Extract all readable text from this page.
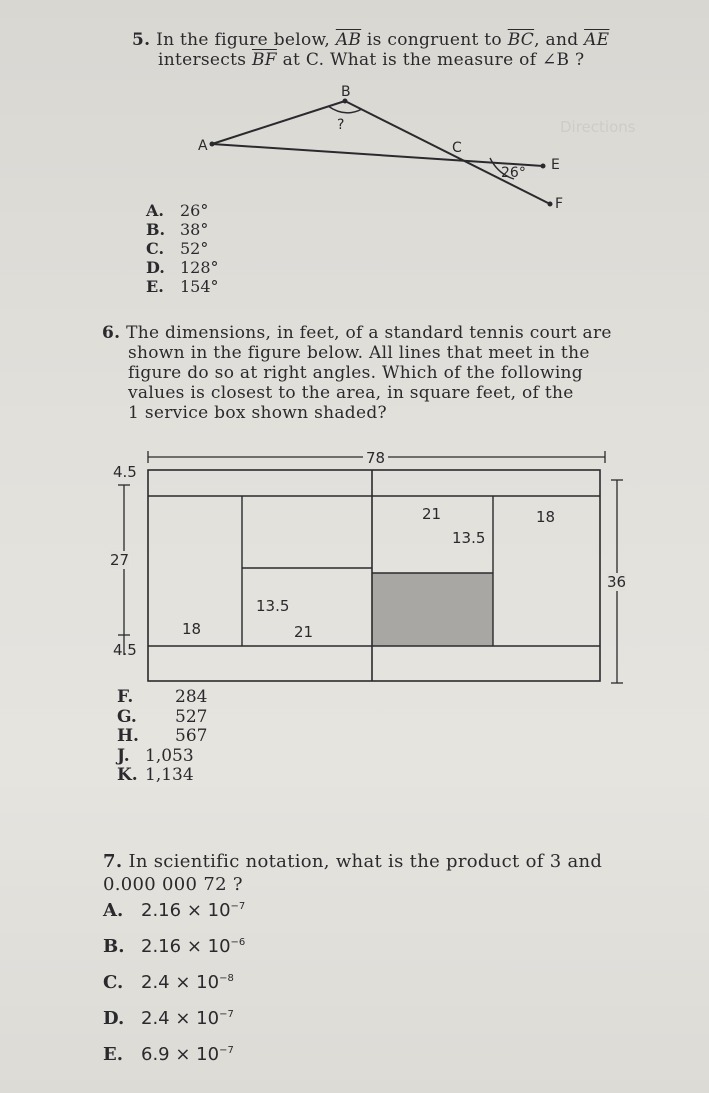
Directions
5. In the figure below, $\overline{AB}$ is congruent to $\overline{BC}$, and $\overline{AE}$
intersects $\overline{BF}$ at C. What is the measure of ∠B ?
B
?
A	C
26° E
F
A. 26°
B. 38°
C. 52°
D. 128°
E. 154°
6. The dimensions, in feet, of a standard tennis court are
shown in the figure below. All lines that meet in the
figure do so at right angles. Which of the following
values is closest to the area, in square feet, of the
1 service box shown shaded?
78
4.5
27
4.5
36
18	21
13.5
21
13.5
18
F. 284
G. 527
H. 567
J. 1,053
K. 1,134
7. In scientific notation, what is the product of 3 and
0.000 000 72 ?
A. $2.16 \times 10^{-7}$
B. $2.16 \times 10^{-6}$
C. $2.4 \times 10^{-8}$
D. $2.4 \times 10^{-7}$
E. $6.9 \times 10^{-7}$
